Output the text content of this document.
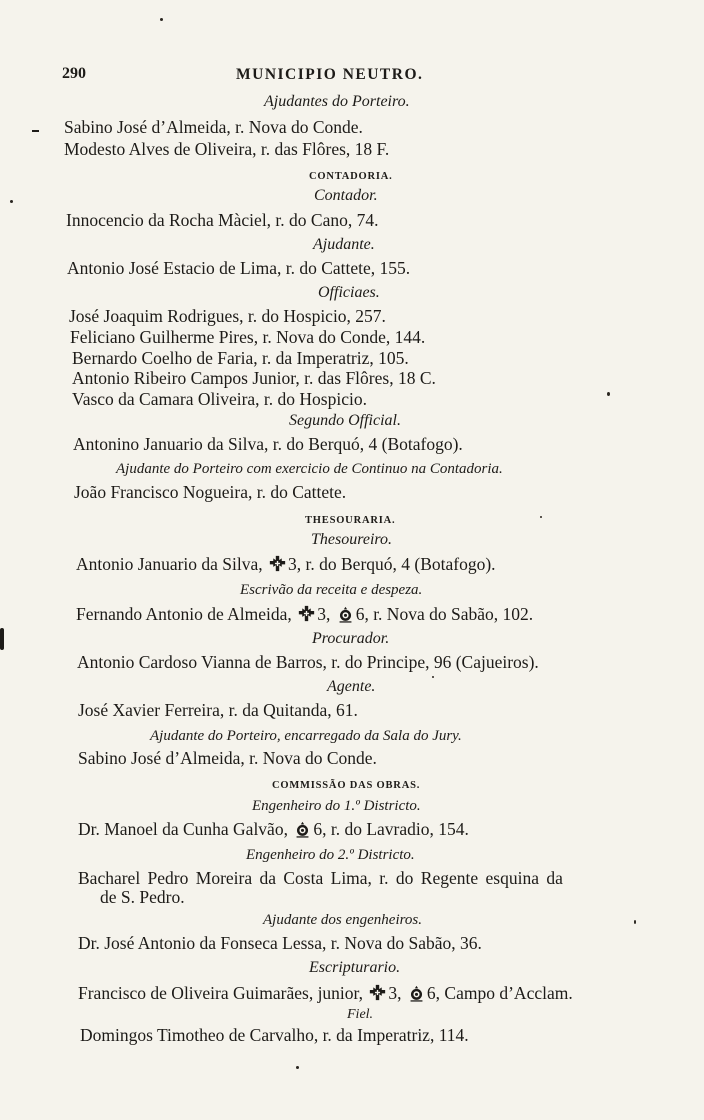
290	MUNICIPIO NEUTRO.
Ajudantes do Porteiro.
Sabino José d’Almeida, r. Nova do Conde.
Modesto Alves de Oliveira, r. das Flôres, 18 F.
CONTADORIA.
Contador.
Innocencio da Rocha Màciel, r. do Cano, 74.
Ajudante.
Antonio José Estacio de Lima, r. do Cattete, 155.
Officiaes.
José Joaquim Rodrigues, r. do Hospicio, 257.
Feliciano Guilherme Pires, r. Nova do Conde, 144.
Bernardo Coelho de Faria, r. da Imperatriz, 105.
Antonio Ribeiro Campos Junior, r. das Flôres, 18 C.
Vasco da Camara Oliveira, r. do Hospicio.
Segundo Official.
Antonino Januario da Silva, r. do Berquó, 4 (Botafogo).
Ajudante do Porteiro com exercicio de Continuo na Contadoria.
João Francisco Nogueira, r. do Cattete.
THESOURARIA.
Thesoureiro.
Antonio Januario da Silva, 3, r. do Berquó, 4 (Botafogo).
Escrivão da receita e despeza.
Fernando Antonio de Almeida, 3, 6, r. Nova do Sabão, 102.
Procurador.
Antonio Cardoso Vianna de Barros, r. do Principe, 96 (Cajueiros).
Agente.
José Xavier Ferreira, r. da Quitanda, 61.
Ajudante do Porteiro, encarregado da Sala do Jury.
Sabino José d’Almeida, r. Nova do Conde.
COMMISSÃO DAS OBRAS.
Engenheiro do 1.º Districto.
Dr. Manoel da Cunha Galvão, 6, r. do Lavradio, 154.
Engenheiro do 2.º Districto.
Bacharel Pedro Moreira da Costa Lima, r. do Regente esquina da
de S. Pedro.
Ajudante dos engenheiros.
Dr. José Antonio da Fonseca Lessa, r. Nova do Sabão, 36.
Escripturario.
Francisco de Oliveira Guimarães, junior, 3, 6, Campo d’Acclam.
Fiel.
Domingos Timotheo de Carvalho, r. da Imperatriz, 114.
